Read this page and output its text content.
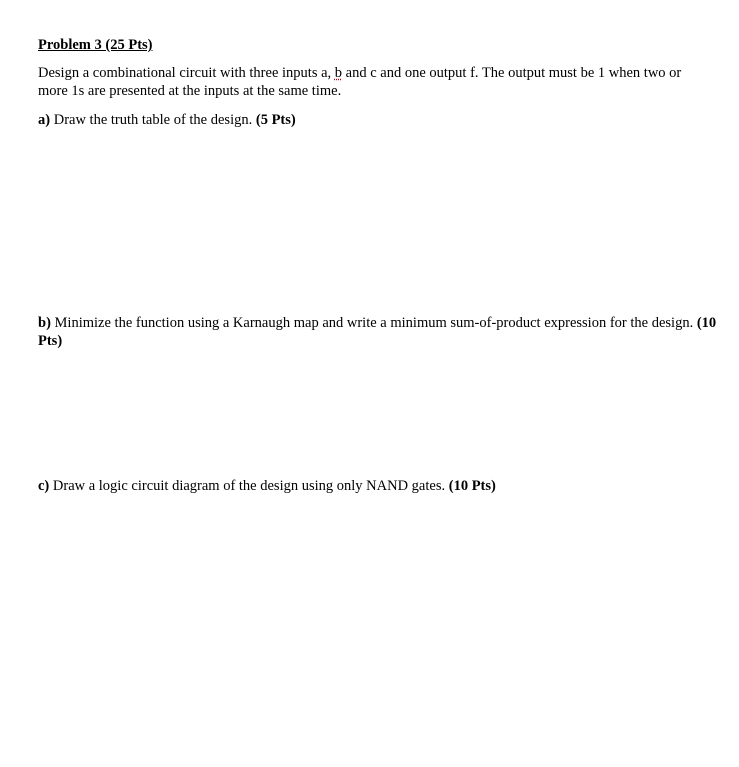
Problem 3 (25 Pts)

Design a combinational circuit with three inputs a, b and c and one output f. The output must be 1 when two or more 1s are presented at the inputs at the same time.

a) Draw the truth table of the design. (5 Pts)

b) Minimize the function using a Karnaugh map and write a minimum sum-of-product expression for the design. (10 Pts)

c) Draw a logic circuit diagram of the design using only NAND gates. (10 Pts)
